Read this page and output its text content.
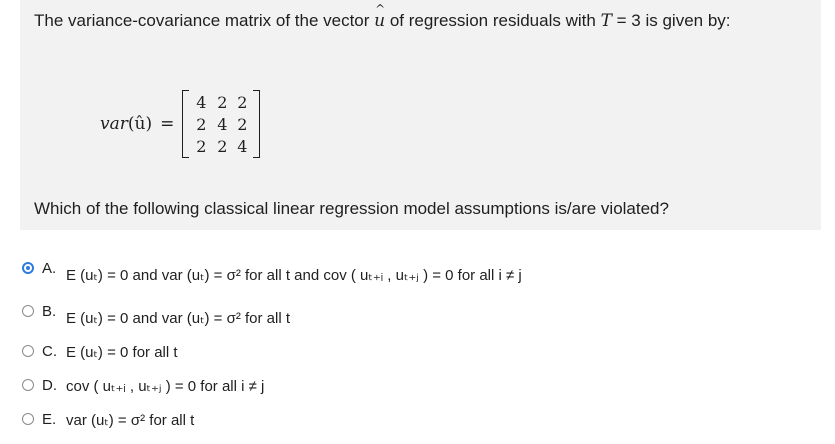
The variance-covariance matrix of the vector u ^ of regression residuals with T = 3 is given by:
var(û) =
4 2 2
2 4 2
2 2 4
Which of the following classical linear regression model assumptions is/are violated?
A. E (uₜ) = 0 and var (uₜ) = σ² for all t and cov ( uₜ₊ᵢ , uₜ₊ⱼ ) = 0 for all i ≠ j
B. E (uₜ) = 0 and var (uₜ) = σ² for all t
C. E (uₜ) = 0 for all t
D. cov ( uₜ₊ᵢ , uₜ₊ⱼ ) = 0 for all i ≠ j
E. var (uₜ) = σ² for all t
